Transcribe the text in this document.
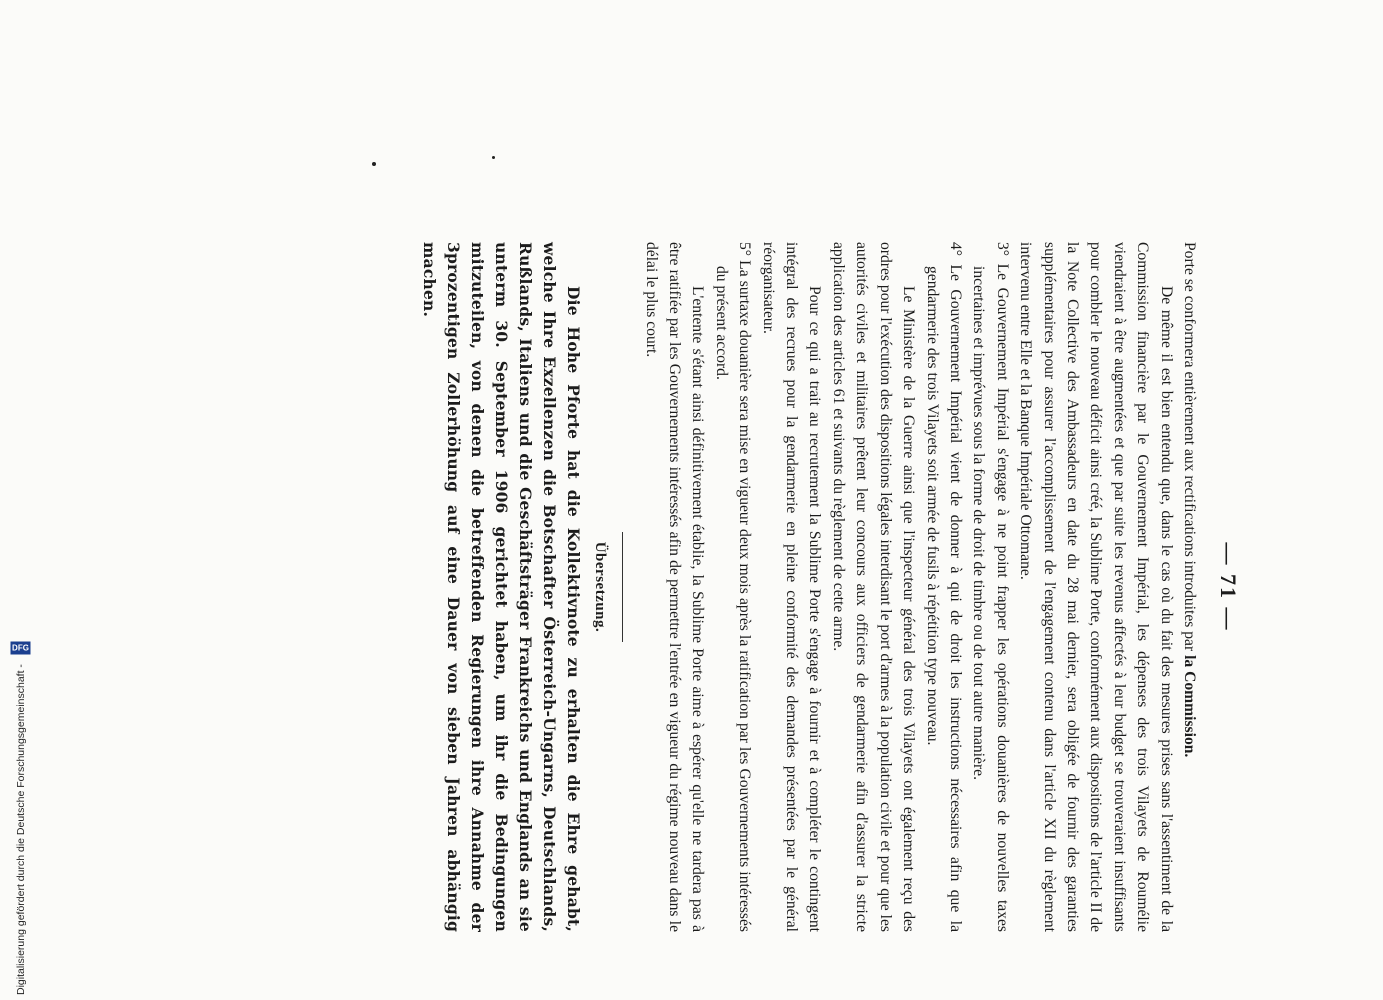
— 71 —

Porte se conformera entièrement aux rectifications introduites par la Commission.

De même il est bien entendu que, dans le cas où du fait des mesures prises sans l'assentiment de la Commission financière par le Gouvernement Impérial, les dépenses des trois Vilayets de Roumélie viendraient à être augmentées et que par suite les revenus affectés à leur budget se trouveraient insuffisants pour combler le nouveau déficit ainsi créé, la Sublime Porte, conformément aux dispositions de l'article II de la Note Collective des Ambassadeurs en date du 28 mai dernier, sera obligée de fournir des garanties supplémentaires pour assurer l'accomplissement de l'engagement contenu dans l'article XII du règlement intervenu entre Elle et la Banque Impériale Ottomane.

3° Le Gouvernement Impérial s'engage à ne point frapper les opérations douanières de nouvelles taxes incertaines et imprévues sous la forme de droit de timbre ou de tout autre manière.

4° Le Gouvernement Impérial vient de donner à qui de droit les instructions nécessaires afin que la gendarmerie des trois Vilayets soit armée de fusils à répétition type nouveau.

Le Ministère de la Guerre ainsi que l'inspecteur général des trois Vilayets ont également reçu des ordres pour l'exécution des dispositions légales interdisant le port d'armes à la population civile et pour que les autorités civiles et militaires prêtent leur concours aux officiers de gendarmerie afin d'assurer la stricte application des articles 61 et suivants du règlement de cette arme.

Pour ce qui a trait au recrutement la Sublime Porte s'engage à fournir et à compléter le contingent intégral des recrues pour la gendarmerie en pleine conformité des demandes présentées par le général réorganisateur.

5° La surtaxe douanière sera mise en vigueur deux mois après la ratification par les Gouvernements intéressés du présent accord.

L'entente s'étant ainsi définitivement établie, la Sublime Porte aime à espérer qu'elle ne tardera pas à être ratifiée par les Gouvernements intéressés afin de permettre l'entrée en vigueur du régime nouveau dans le délai le plus court.

Übersetzung.

Die Hohe Pforte hat die Kollektivnote zu erhalten die Ehre gehabt, welche Ihre Exzellenzen die Botschafter Österreich-Ungarns, Deutschlands, Rußlands, Italiens und die Geschäftsträger Frankreichs und Englands an sie unterm 30. September 1906 gerichtet haben, um ihr die Bedingungen mitzuteilen, von denen die betreffenden Regierungen ihre Annahme der 3prozentigen Zollerhöhung auf eine Dauer von sieben Jahren abhängig machen.

Digitalisierung gefördert durch die Deutsche Forschungsgemeinschaft -
DFG
